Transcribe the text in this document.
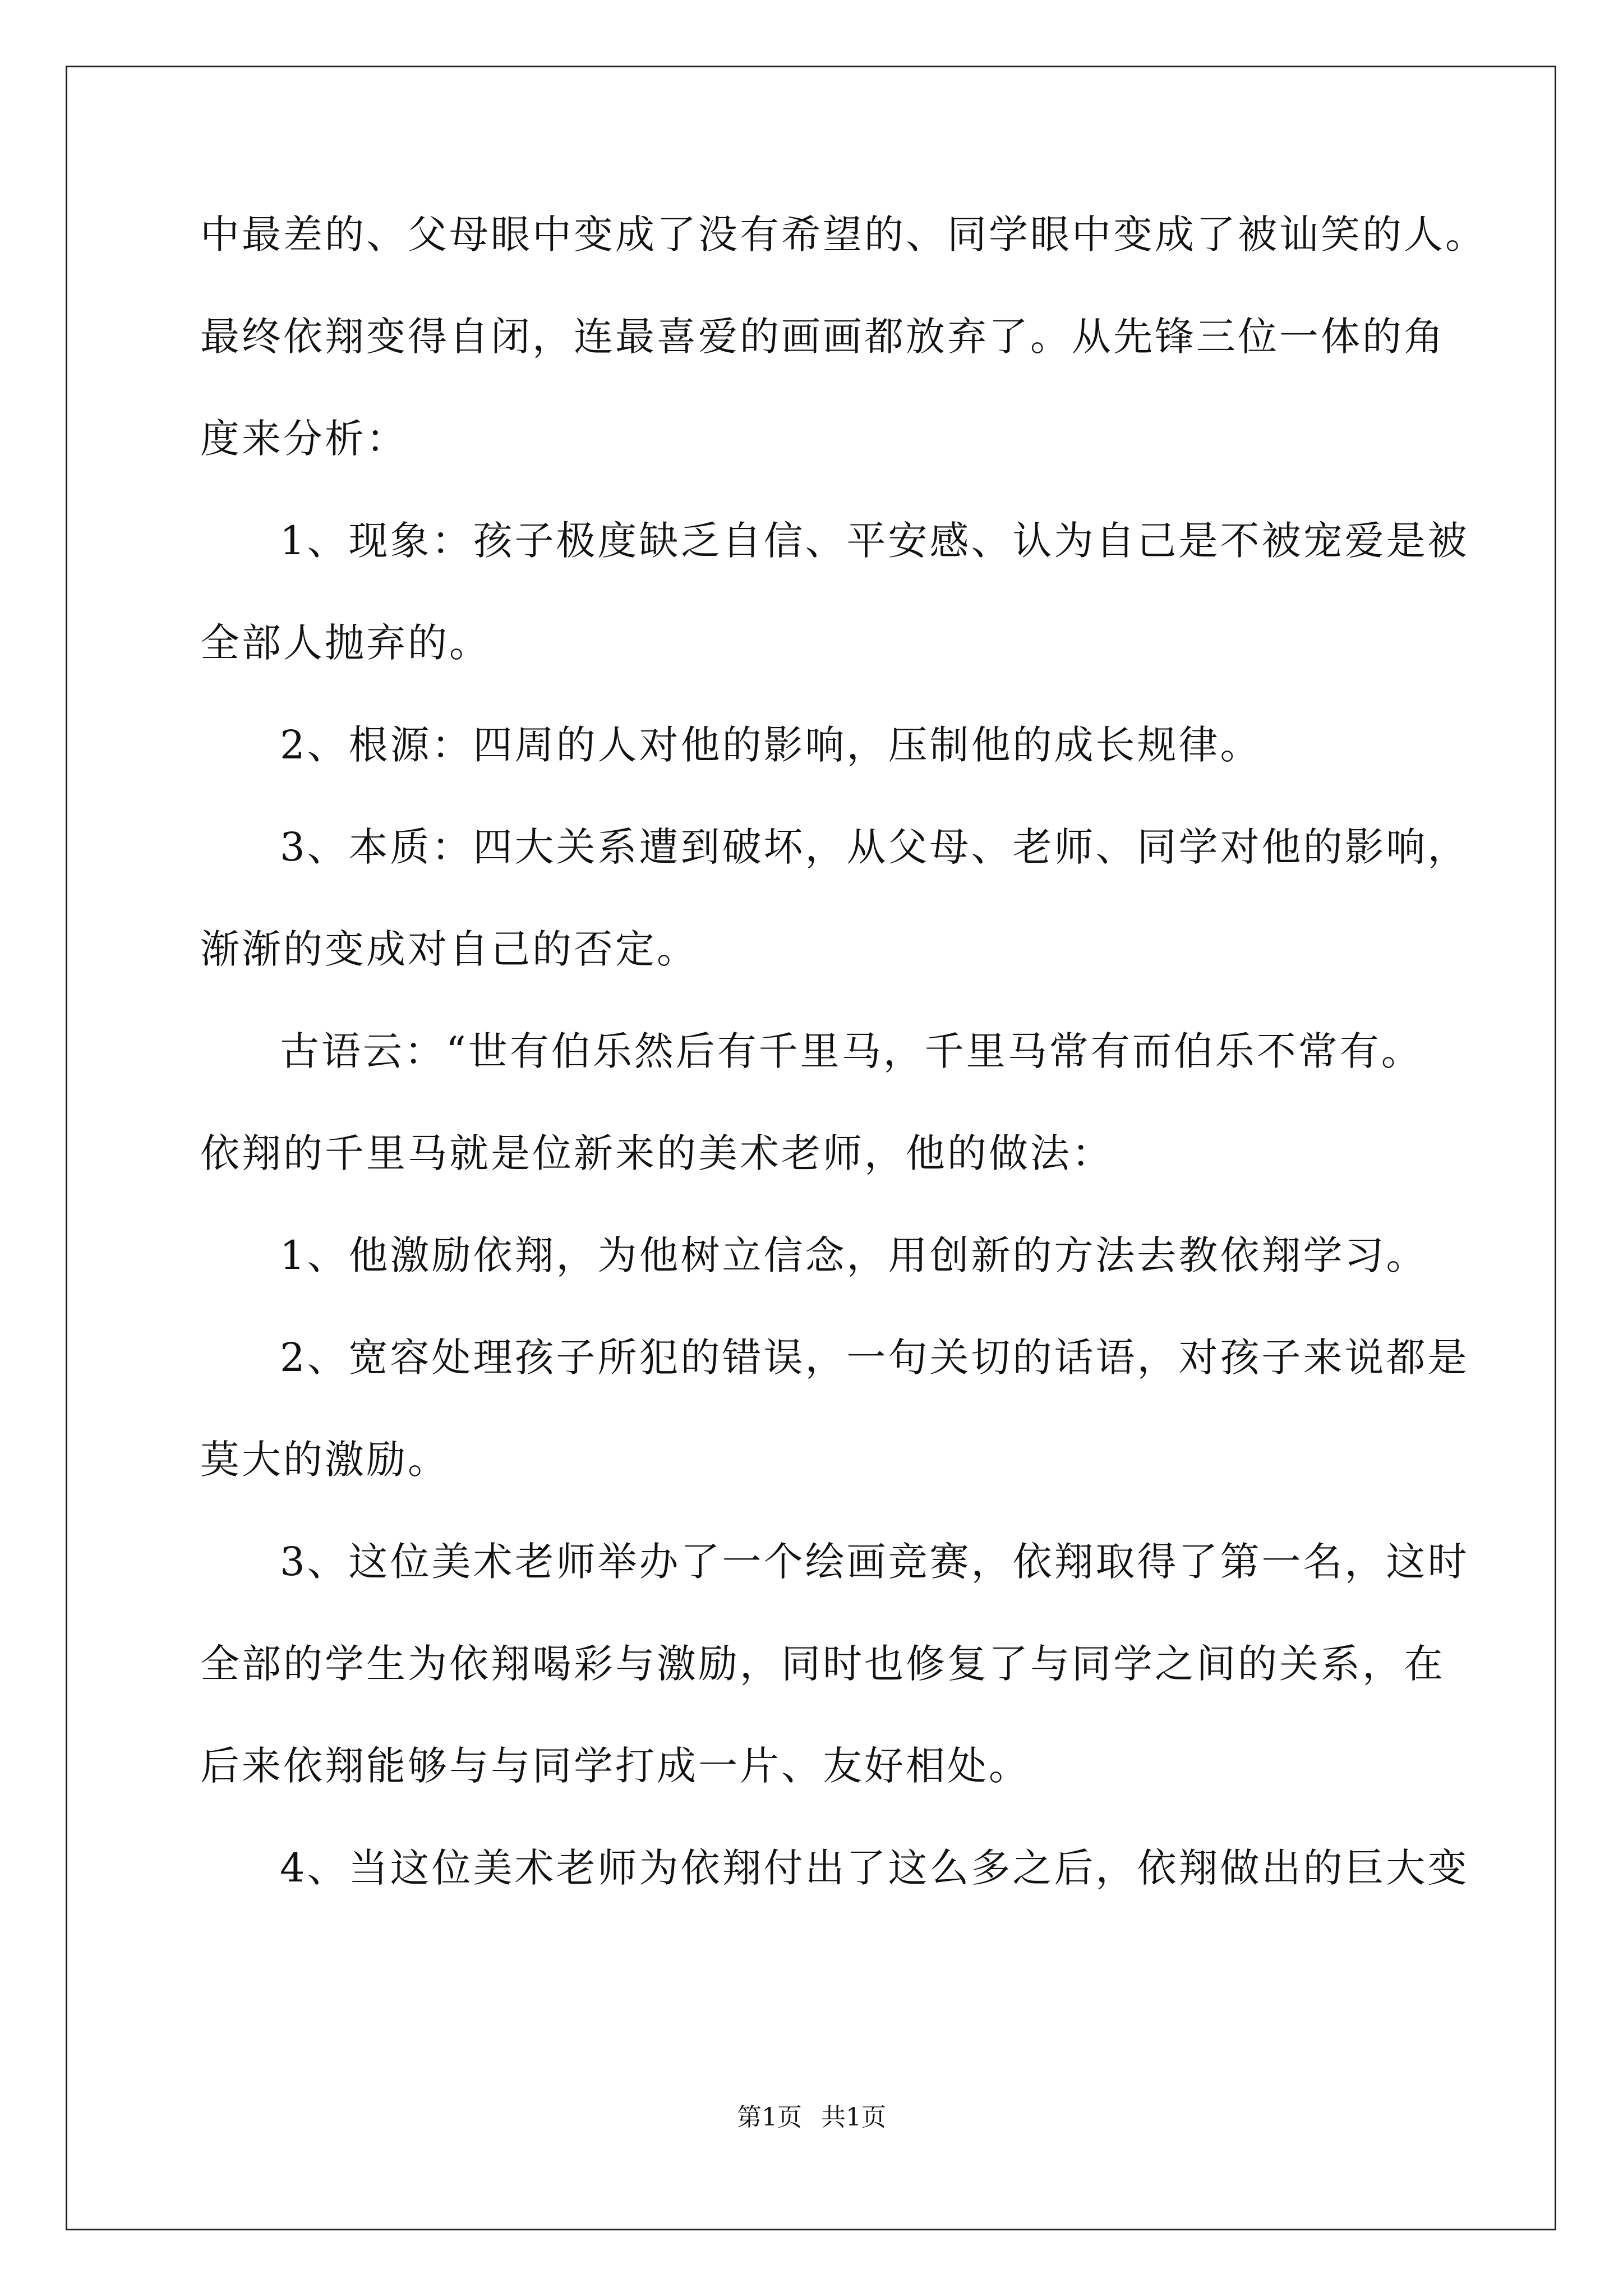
中最差的、父母眼中变成了没有希望的、同学眼中变成了被讪笑的人。
最终依翔变得自闭，连最喜爱的画画都放弃了。从先锋三位一体的角
度来分析：
1、现象：孩子极度缺乏自信、平安感、认为自己是不被宠爱是被
全部人抛弃的。
2、根源：四周的人对他的影响，压制他的成长规律。
3、本质：四大关系遭到破坏，从父母、老师、同学对他的影响，
渐渐的变成对自己的否定。
古语云：“世有伯乐然后有千里马，千里马常有而伯乐不常有。
依翔的千里马就是位新来的美术老师，他的做法：
1、他激励依翔，为他树立信念，用创新的方法去教依翔学习。
2、宽容处理孩子所犯的错误，一句关切的话语，对孩子来说都是
莫大的激励。
3、这位美术老师举办了一个绘画竞赛，依翔取得了第一名，这时
全部的学生为依翔喝彩与激励，同时也修复了与同学之间的关系，在
后来依翔能够与与同学打成一片、友好相处。
4、当这位美术老师为依翔付出了这么多之后，依翔做出的巨大变
第1页 共1页
